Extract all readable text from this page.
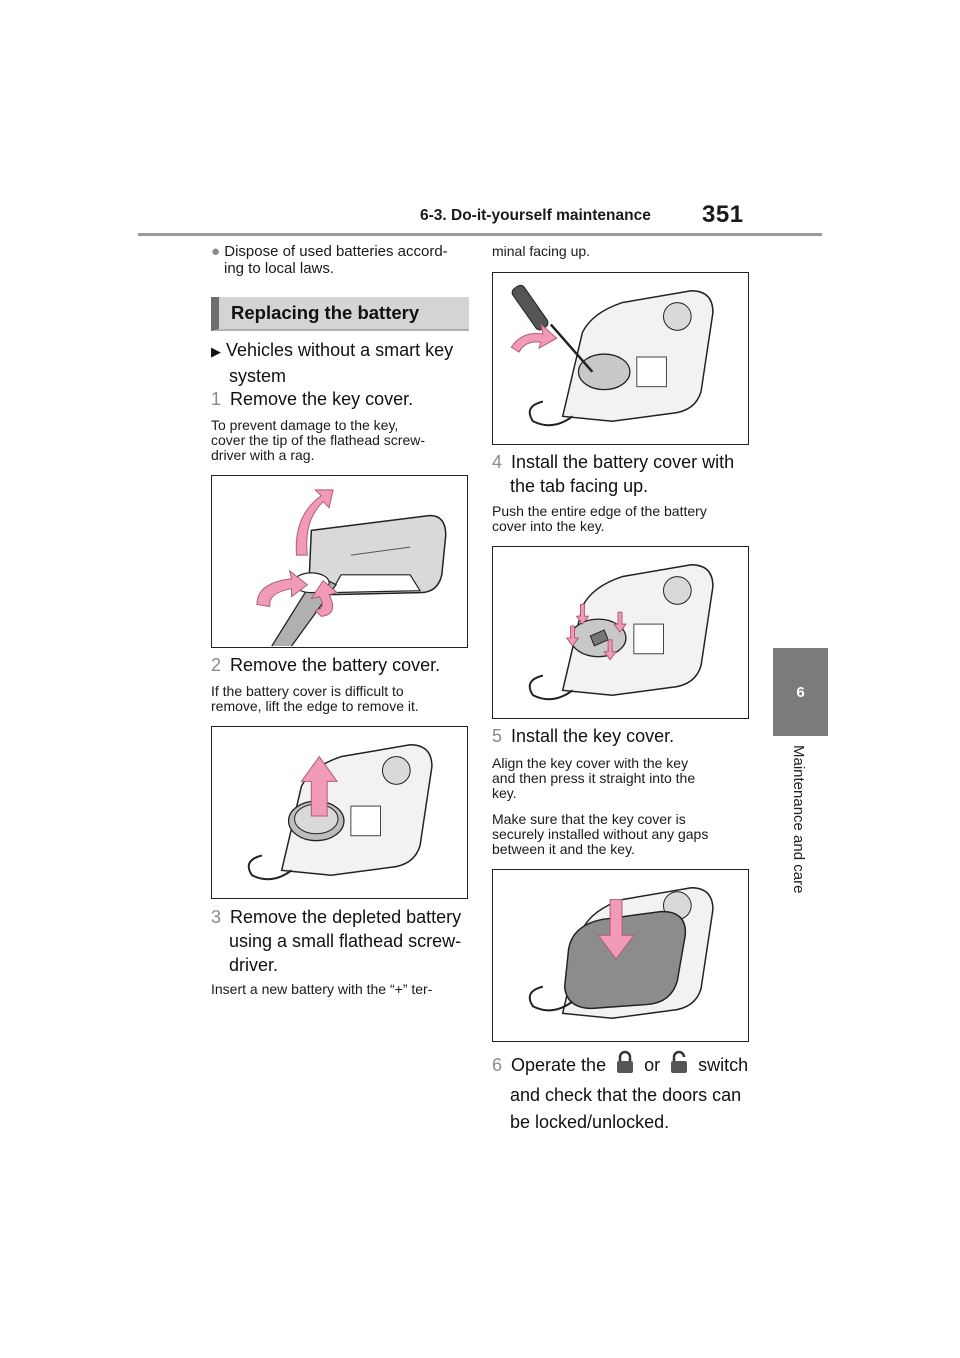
6-3. Do-it-yourself maintenance 351
6
Maintenance and care
● Dispose of used batteries accord-
ing to local laws.
Replacing the battery
▶ Vehicles without a smart key
system
1 Remove the key cover.
To prevent damage to the key,
cover the tip of the flathead screw-
driver with a rag.
2 Remove the battery cover.
If the battery cover is difficult to
remove, lift the edge to remove it.
3 Remove the depleted battery
using a small flathead screw-
driver.
Insert a new battery with the “+” ter-
minal facing up.
4 Install the battery cover with
the tab facing up.
Push the entire edge of the battery
cover into the key.
5 Install the key cover.
Align the key cover with the key
and then press it straight into the
key.
Make sure that the key cover is
securely installed without any gaps
between it and the key.
6 Operate the or switch
and check that the doors can
be locked/unlocked.
